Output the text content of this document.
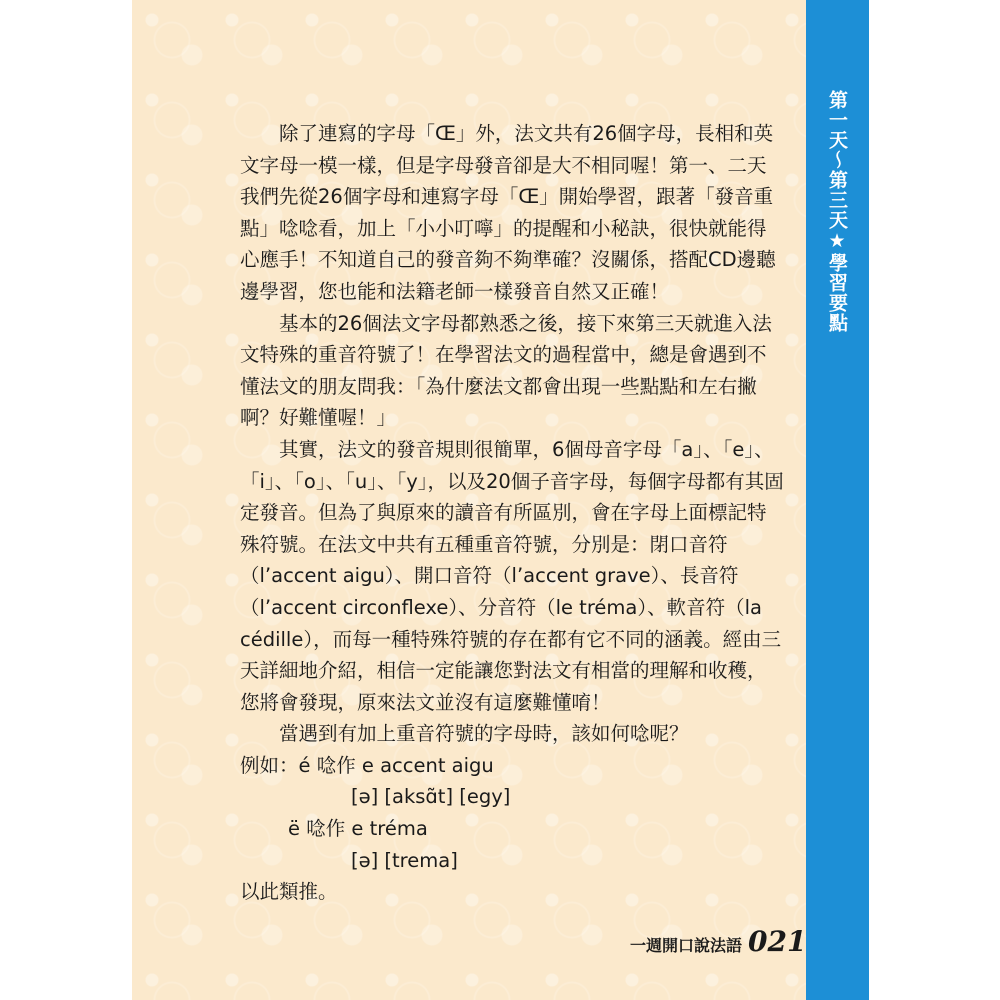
第一天～第三天★學習要點

除了連寫的字母「Œ」外，法文共有26個字母，長相和英文字母一模一樣，但是字母發音卻是大不相同喔！第一、二天我們先從26個字母和連寫字母「Œ」開始學習，跟著「發音重點」唸唸看，加上「小小叮嚀」的提醒和小秘訣，很快就能得心應手！不知道自己的發音夠不夠準確？沒關係，搭配CD邊聽邊學習，您也能和法籍老師一樣發音自然又正確！

基本的26個法文字母都熟悉之後，接下來第三天就進入法文特殊的重音符號了！在學習法文的過程當中，總是會遇到不懂法文的朋友問我：「為什麼法文都會出現一些點點和左右撇啊？好難懂喔！」

其實，法文的發音規則很簡單，6個母音字母「a」、「e」、「i」、「o」、「u」、「y」，以及20個子音字母，每個字母都有其固定發音。但為了與原來的讀音有所區別，會在字母上面標記特殊符號。在法文中共有五種重音符號，分別是：閉口音符（l’accent aigu）、開口音符（l’accent grave）、長音符（l’accent circonflexe）、分音符（le tréma）、軟音符（la cédille），而每一種特殊符號的存在都有它不同的涵義。經由三天詳細地介紹，相信一定能讓您對法文有相當的理解和收穫，您將會發現，原來法文並沒有這麼難懂唷！

當遇到有加上重音符號的字母時，該如何唸呢？

例如：é 唸作 e accent aigu
[ə] [aksɑ̃t] [egy]
ë 唸作 e tréma
[ə] [trema]
以此類推。
一週開口說法語 021
